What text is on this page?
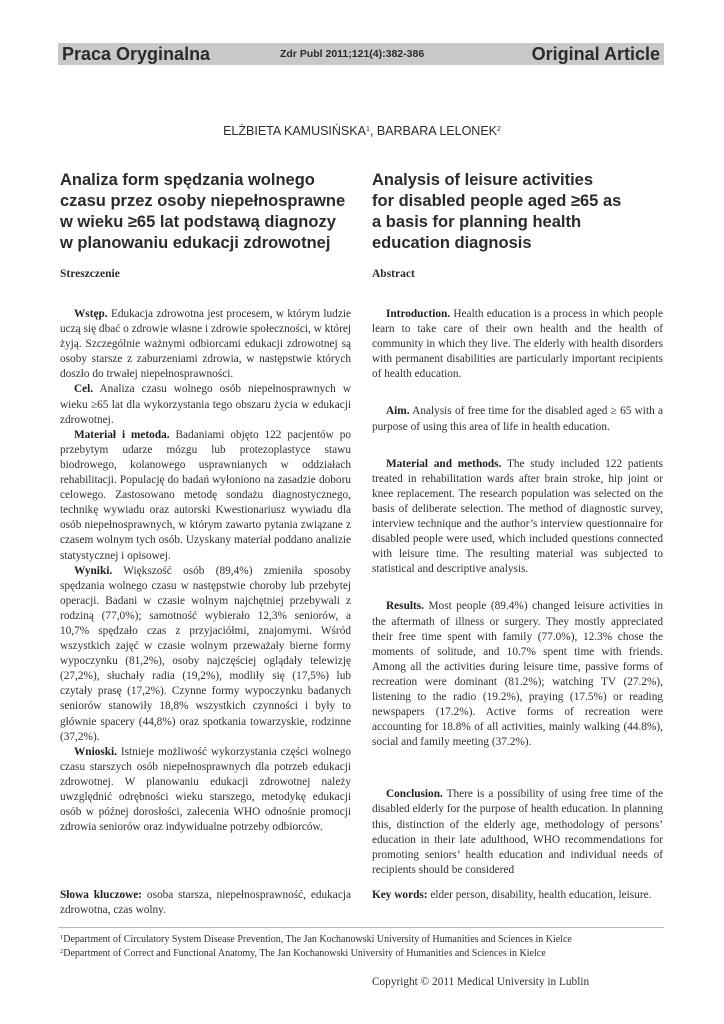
Praca Oryginalna	Zdr Publ 2011;121(4):382-386	Original Article
ELŻBIETA KAMUSIŃSKA$^1$, BARBARA LELONEK$^2$
Analiza form spędzania wolnego
czasu przez osoby niepełnosprawne
w wieku ≥65 lat podstawą diagnozy
w planowaniu edukacji zdrowotnej
Analysis of leisure activities
for disabled people aged ≥65 as
a basis for planning health
education diagnosis
Streszczenie	Abstract

Wstęp. Edukacja zdrowotna jest procesem, w którym ludzie uczą się dbać o zdrowie własne i zdrowie społeczności, w której żyją. Szczególnie ważnymi odbiorcami edukacji zdrowotnej są osoby starsze z zaburzeniami zdrowia, w następstwie których doszło do trwałej niepełnosprawności.

Cel. Analiza czasu wolnego osób niepełnosprawnych w wieku ≥65 lat dla wykorzystania tego obszaru życia w edukacji zdrowotnej.

Materiał i metoda. Badaniami objęto 122 pacjentów po przebytym udarze mózgu lub protezoplastyce stawu biodrowego, kolanowego usprawnianych w oddziałach rehabilitacji. Populację do badań wyłoniono na zasadzie doboru celowego. Zastosowano metodę sondażu diagnostycznego, technikę wywiadu oraz autorski Kwestionariusz wywiadu dla osób niepełnosprawnych, w którym zawarto pytania związane z czasem wolnym tych osób. Uzyskany materiał poddano analizie statystycznej i opisowej.

Wyniki. Większość osób (89,4%) zmieniła sposoby spędzania wolnego czasu w następstwie choroby lub przebytej operacji. Badani w czasie wolnym najchętniej przebywali z rodziną (77,0%); samotność wybierało 12,3% seniorów, a 10,7% spędzało czas z przyjaciółmi, znajomymi. Wśród wszystkich zajęć w czasie wolnym przeważały bierne formy wypoczynku (81,2%), osoby najczęściej oglądały telewizję (27,2%), słuchały radia (19,2%), modliły się (17,5%) lub czytały prasę (17,2%). Czynne formy wypoczynku badanych seniorów stanowiły 18,8% wszystkich czynności i były to głównie spacery (44,8%) oraz spotkania towarzyskie, rodzinne (37,2%).

Wnioski. Istnieje możliwość wykorzystania części wolnego czasu starszych osób niepełnosprawnych dla potrzeb edukacji zdrowotnej. W planowaniu edukacji zdrowotnej należy uwzględnić odrębności wieku starszego, metodykę edukacji osób w późnej dorosłości, zalecenia WHO odnośnie promocji zdrowia seniorów oraz indywidualne potrzeby odbiorców.

Introduction. Health education is a process in which people learn to take care of their own health and the health of community in which they live. The elderly with health disorders with permanent disabilities are particularly important recipients of health education.

Aim. Analysis of free time for the disabled aged ≥ 65 with a purpose of using this area of life in health education.

Material and methods. The study included 122 patients treated in rehabilitation wards after brain stroke, hip joint or knee replacement. The research population was selected on the basis of deliberate selection. The method of diagnostic survey, interview technique and the author’s interview questionnaire for disabled people were used, which included questions connected with leisure time. The resulting material was subjected to statistical and descriptive analysis.

Results. Most people (89.4%) changed leisure activities in the aftermath of illness or surgery. They mostly appreciated their free time spent with family (77.0%), 12.3% chose the moments of solitude, and 10.7% spent time with friends. Among all the activities during leisure time, passive forms of recreation were dominant (81.2%); watching TV (27.2%), listening to the radio (19.2%), praying (17.5%) or reading newspapers (17.2%). Active forms of recreation were accounting for 18.8% of all activities, mainly walking (44.8%), social and family meeting (37.2%).

Conclusion. There is a possibility of using free time of the disabled elderly for the purpose of health education. In planning this, distinction of the elderly age, methodology of persons’ education in their late adulthood, WHO recommendations for promoting seniors’ health education and individual needs of recipients should be considered

Słowa kluczowe: osoba starsza, niepełnosprawność, edukacja zdrowotna, czas wolny.
Key words: elder person, disability, health education, leisure.
$^1$Department of Circulatory System Disease Prevention, The Jan Kochanowski University of Humanities and Sciences in Kielce
$^2$Department of Correct and Functional Anatomy, The Jan Kochanowski University of Humanities and Sciences in Kielce
Copyright © 2011 Medical University in Lublin
